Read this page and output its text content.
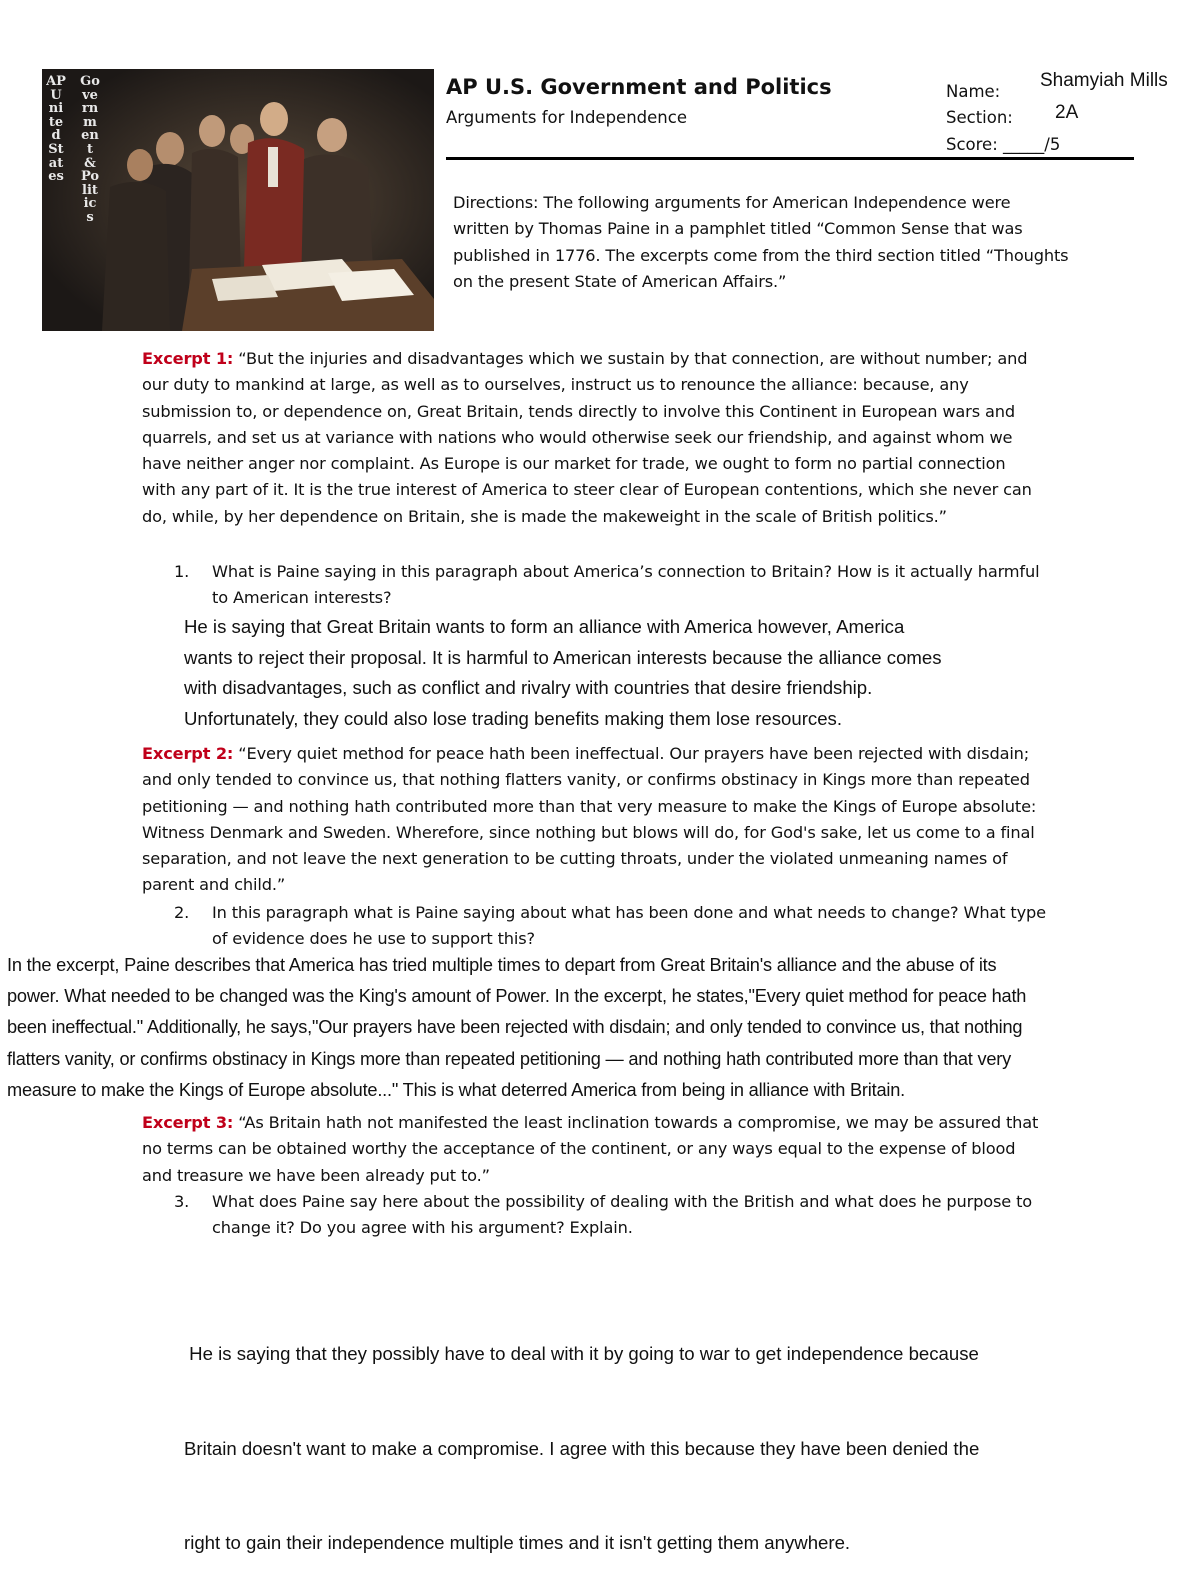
AP United States
Government & Politics
AP U.S. Government and Politics
Arguments for Independence
Name:
Section:
Score: _____/5
Shamyiah Mills
2A
Directions: The following arguments for American Independence were
written by Thomas Paine in a pamphlet titled “Common Sense that was
published in 1776. The excerpts come from the third section titled “Thoughts
on the present State of American Affairs.”
Excerpt 1: “But the injuries and disadvantages which we sustain by that connection, are without number; and
our duty to mankind at large, as well as to ourselves, instruct us to renounce the alliance: because, any
submission to, or dependence on, Great Britain, tends directly to involve this Continent in European wars and
quarrels, and set us at variance with nations who would otherwise seek our friendship, and against whom we
have neither anger nor complaint. As Europe is our market for trade, we ought to form no partial connection
with any part of it. It is the true interest of America to steer clear of European contentions, which she never can
do, while, by her dependence on Britain, she is made the makeweight in the scale of British politics.”
1. What is Paine saying in this paragraph about America’s connection to Britain? How is it actually harmful
to American interests?
He is saying that Great Britain wants to form an alliance with America however, America
wants to reject their proposal. It is harmful to American interests because the alliance comes
with disadvantages, such as conflict and rivalry with countries that desire friendship.
Unfortunately, they could also lose trading benefits making them lose resources.
Excerpt 2: “Every quiet method for peace hath been ineffectual. Our prayers have been rejected with disdain;
and only tended to convince us, that nothing flatters vanity, or confirms obstinacy in Kings more than repeated
petitioning — and nothing hath contributed more than that very measure to make the Kings of Europe absolute:
Witness Denmark and Sweden. Wherefore, since nothing but blows will do, for God's sake, let us come to a final
separation, and not leave the next generation to be cutting throats, under the violated unmeaning names of
parent and child.”
2. In this paragraph what is Paine saying about what has been done and what needs to change? What type
of evidence does he use to support this?
In the excerpt, Paine describes that America has tried multiple times to depart from Great Britain's alliance and the abuse of its
power. What needed to be changed was the King's amount of Power. In the excerpt, he states,"Every quiet method for peace hath
been ineffectual." Additionally, he says,"Our prayers have been rejected with disdain; and only tended to convince us, that nothing
flatters vanity, or confirms obstinacy in Kings more than repeated petitioning — and nothing hath contributed more than that very
measure to make the Kings of Europe absolute..." This is what deterred America from being in alliance with Britain.
Excerpt 3: “As Britain hath not manifested the least inclination towards a compromise, we may be assured that
no terms can be obtained worthy the acceptance of the continent, or any ways equal to the expense of blood
and treasure we have been already put to.”
3. What does Paine say here about the possibility of dealing with the British and what does he purpose to
change it? Do you agree with his argument? Explain.

He is saying that they possibly have to deal with it by going to war to get independence because

Britain doesn't want to make a compromise. I agree with this because they have been denied the

right to gain their independence multiple times and it isn't getting them anywhere.
